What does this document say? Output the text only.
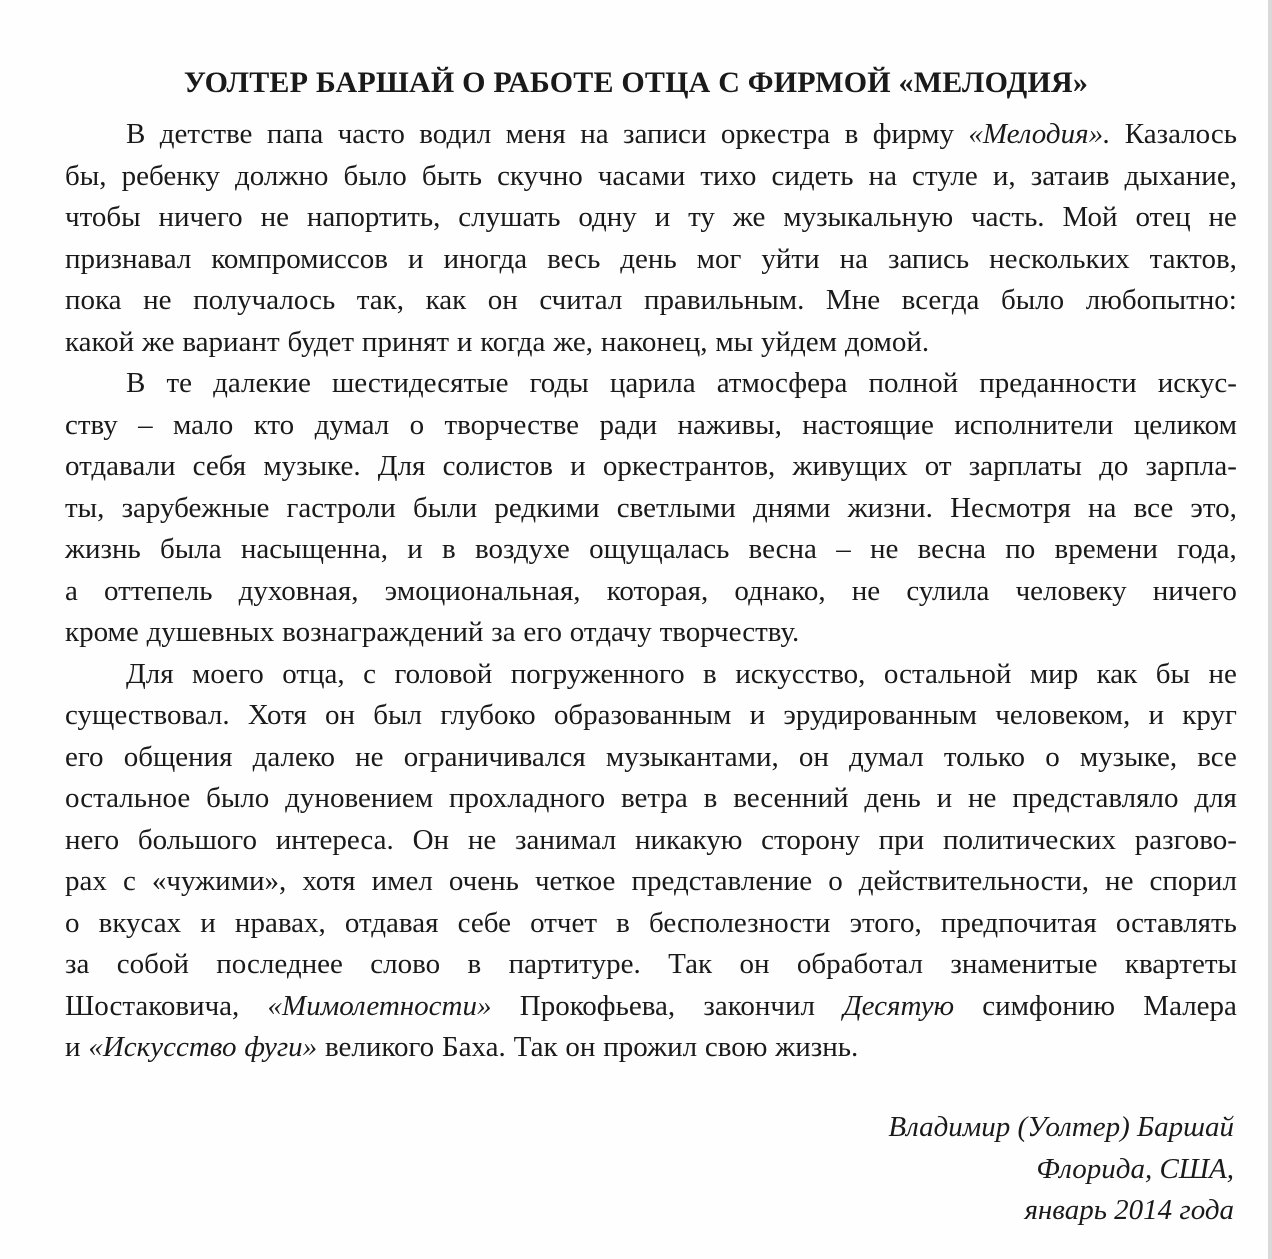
УОЛТЕР БАРШАЙ О РАБОТЕ ОТЦА С ФИРМОЙ «МЕЛОДИЯ»
В детстве папа часто водил меня на записи оркестра в фирму «Мелодия». Казалось
бы, ребенку должно было быть скучно часами тихо сидеть на стуле и, затаив дыхание,
чтобы ничего не напортить, слушать одну и ту же музыкальную часть. Мой отец не
признавал компромиссов и иногда весь день мог уйти на запись нескольких тактов,
пока не получалось так, как он считал правильным. Мне всегда было любопытно:
какой же вариант будет принят и когда же, наконец, мы уйдем домой.
В те далекие шестидесятые годы царила атмосфера полной преданности искус-
ству – мало кто думал о творчестве ради наживы, настоящие исполнители целиком
отдавали себя музыке. Для солистов и оркестрантов, живущих от зарплаты до зарпла-
ты, зарубежные гастроли были редкими светлыми днями жизни. Несмотря на все это,
жизнь была насыщенна, и в воздухе ощущалась весна – не весна по времени года,
а оттепель духовная, эмоциональная, которая, однако, не сулила человеку ничего
кроме душевных вознаграждений за его отдачу творчеству.
Для моего отца, с головой погруженного в искусство, остальной мир как бы не
существовал. Хотя он был глубоко образованным и эрудированным человеком, и круг
его общения далеко не ограничивался музыкантами, он думал только о музыке, все
остальное было дуновением прохладного ветра в весенний день и не представляло для
него большого интереса. Он не занимал никакую сторону при политических разгово-
рах с «чужими», хотя имел очень четкое представление о действительности, не спорил
о вкусах и нравах, отдавая себе отчет в бесполезности этого, предпочитая оставлять
за собой последнее слово в партитуре. Так он обработал знаменитые квартеты
Шостаковича, «Мимолетности» Прокофьева, закончил Десятую симфонию Малера
и «Искусство фуги» великого Баха. Так он прожил свою жизнь.
Владимир (Уолтер) Баршай
Флорида, США,
январь 2014 года
